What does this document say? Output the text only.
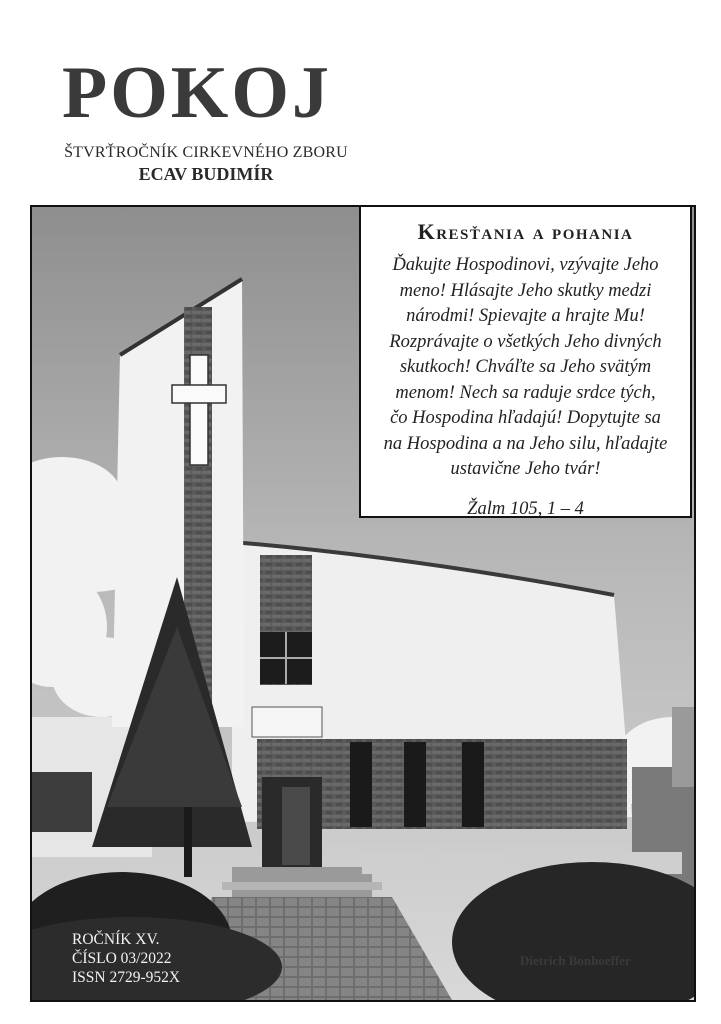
POKOJ
ŠTVRŤROČNÍK CIRKEVNÉHO ZBORU
ECAV BUDIMÍR
Kresťania a pohania

Ďakujte Hospodinovi, vzývajte Jeho
meno! Hlásajte Jeho skutky medzi
národmi! Spievajte a hrajte Mu!
Rozprávajte o všetkých Jeho divných
skutkoch! Chváľte sa Jeho svätým
menom! Nech sa raduje srdce tých,
čo Hospodina hľadajú! Dopytujte sa
na Hospodina a na Jeho silu, hľadajte
ustavične Jeho tvár!

Žalm 105, 1 – 4
ROČNÍK XV.
ČÍSLO 03/2022
ISSN 2729-952X
Dietrich Bonhoeffer
